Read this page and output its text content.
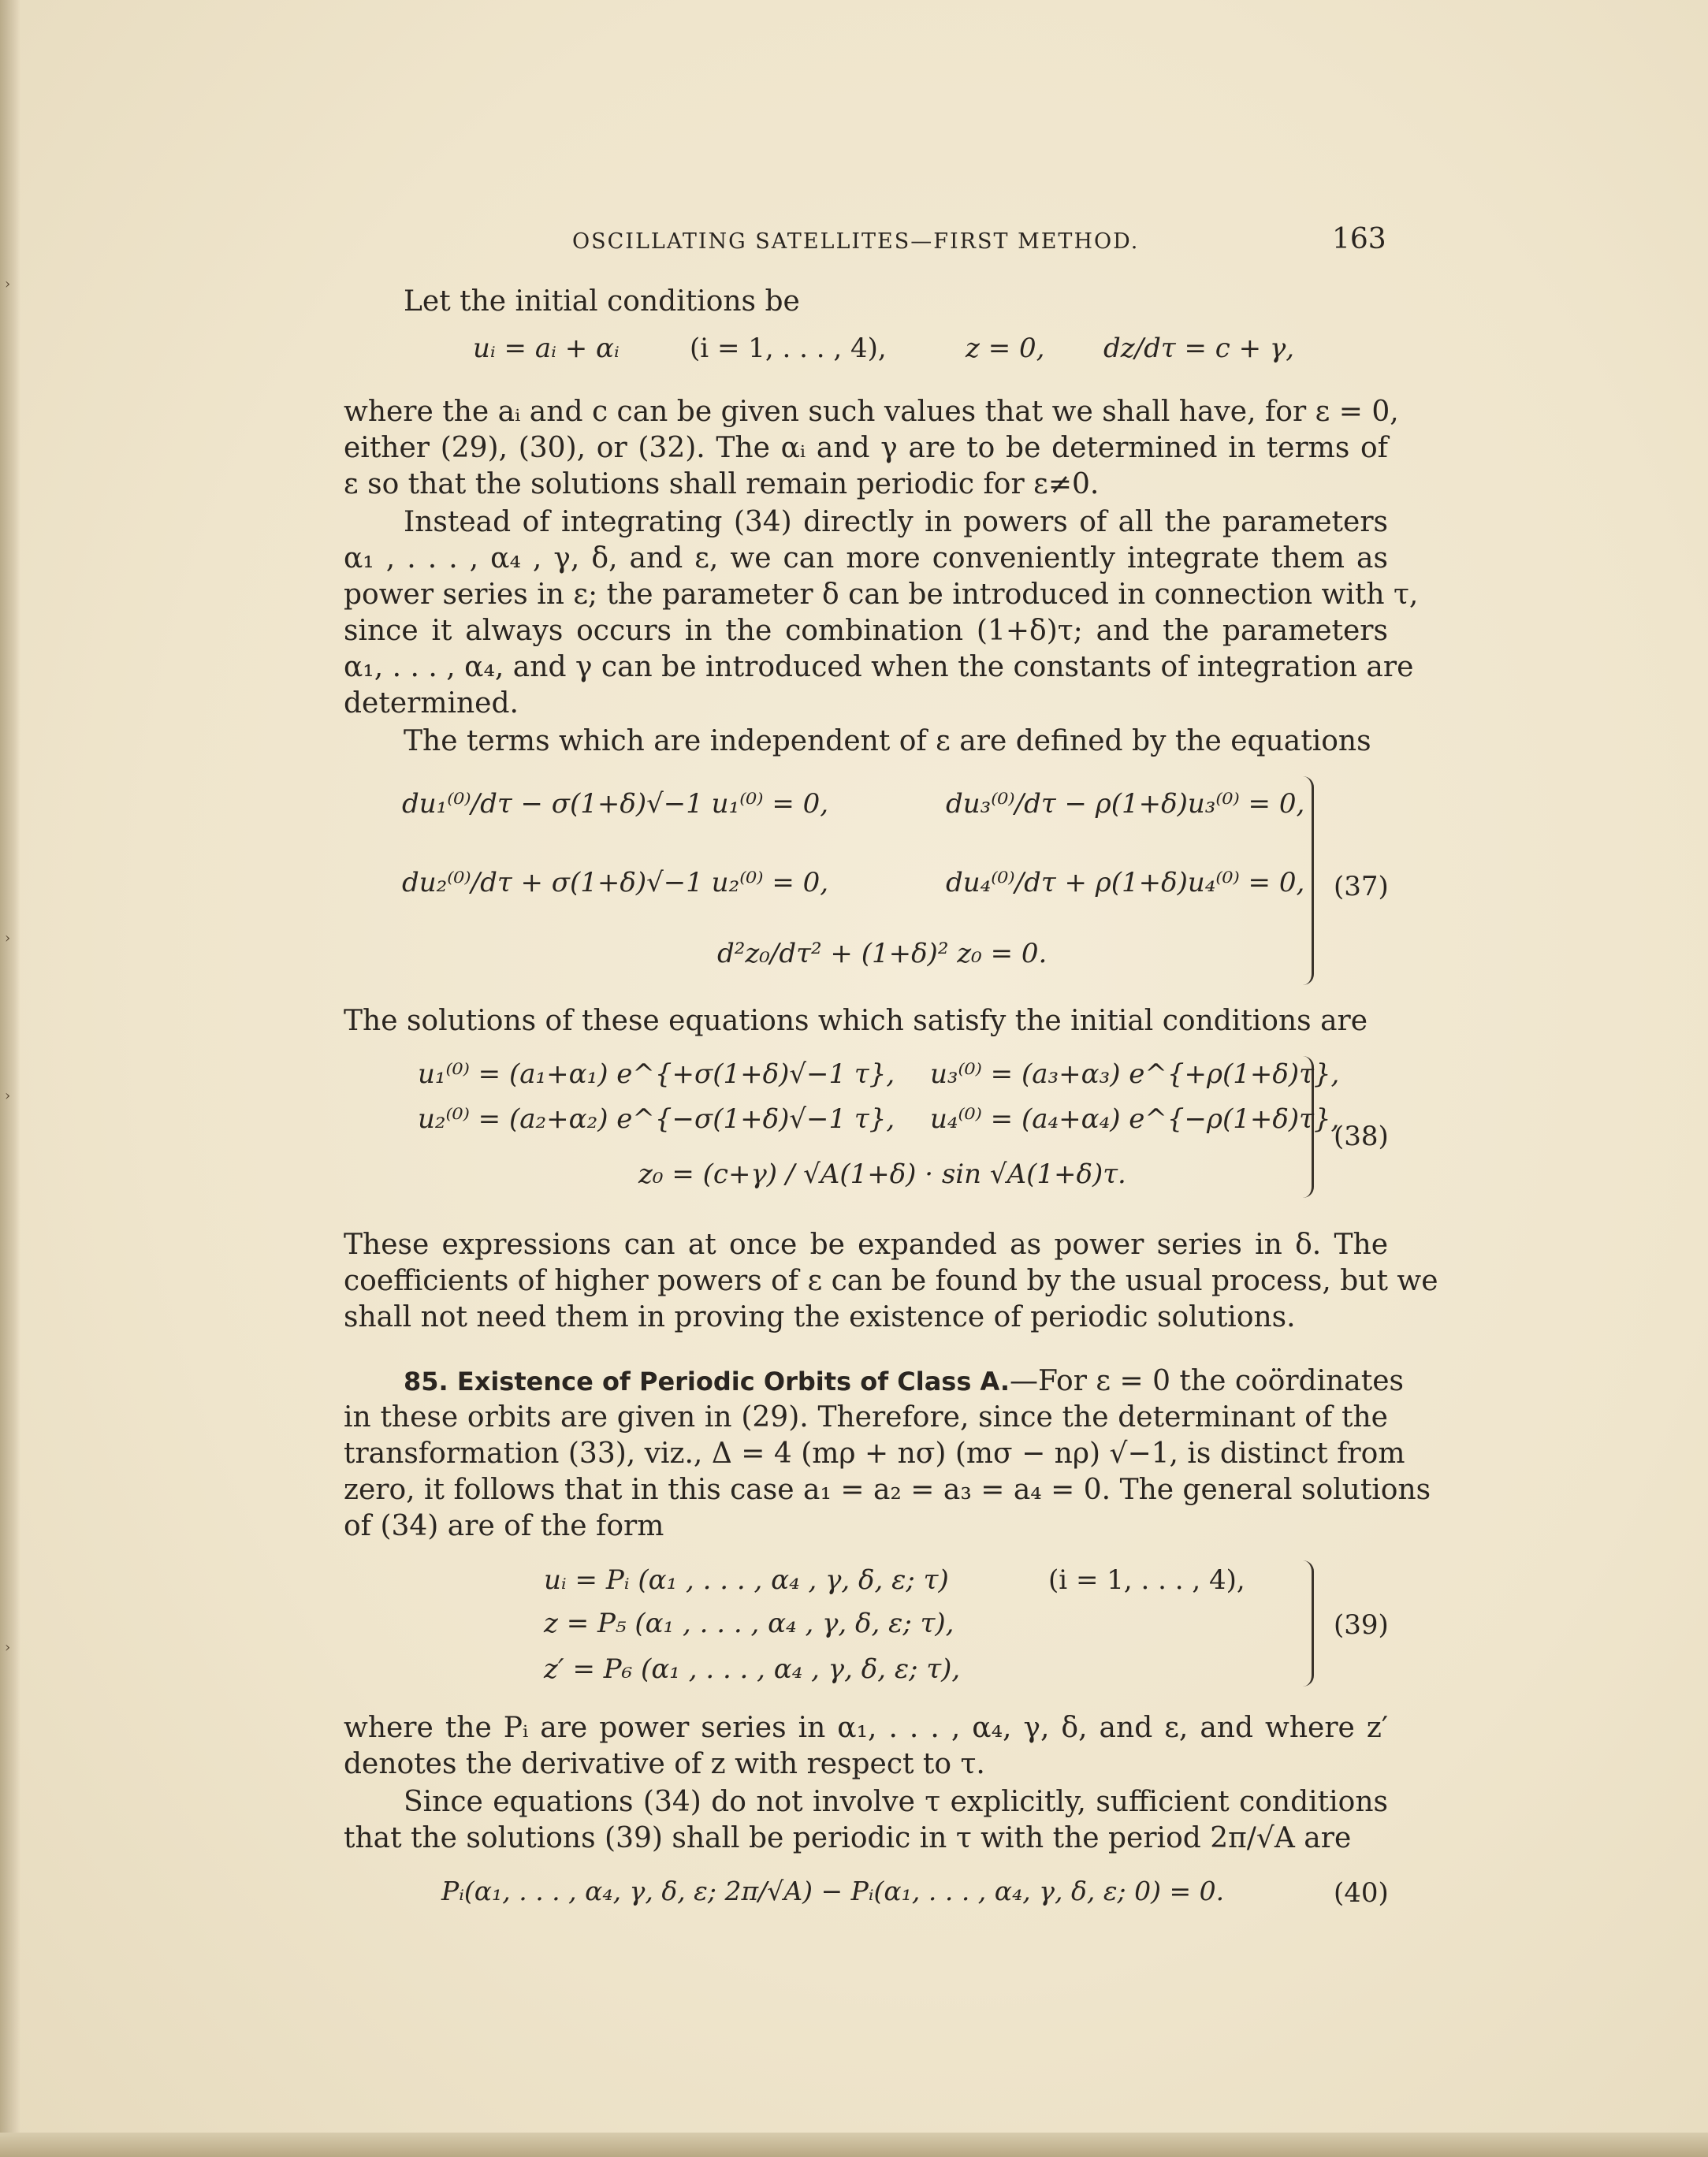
›
›
›
›
OSCILLATING SATELLITES—FIRST METHOD.	163
Let the initial conditions be
uᵢ = aᵢ + αᵢ	(i = 1, . . . , 4),	z = 0, dz/dτ = c + γ,
where the aᵢ and c can be given such values that we shall have, for ε = 0,
either (29), (30), or (32). The αᵢ and γ are to be determined in terms of
ε so that the solutions shall remain periodic for ε≠0.
Instead of integrating (34) directly in powers of all the parameters
α₁ , . . . , α₄ , γ, δ, and ε, we can more conveniently integrate them as
power series in ε; the parameter δ can be introduced in connection with τ,
since it always occurs in the combination (1+δ)τ; and the parameters
α₁, . . . , α₄, and γ can be introduced when the constants of integration are
determined.
The terms which are independent of ε are defined by the equations
du₁⁽⁰⁾/dτ − σ(1+δ)√−1 u₁⁽⁰⁾ = 0,	du₃⁽⁰⁾/dτ − ρ(1+δ)u₃⁽⁰⁾ = 0,
du₂⁽⁰⁾/dτ + σ(1+δ)√−1 u₂⁽⁰⁾ = 0,	du₄⁽⁰⁾/dτ + ρ(1+δ)u₄⁽⁰⁾ = 0,
d²z₀/dτ² + (1+δ)² z₀ = 0.
(37)
The solutions of these equations which satisfy the initial conditions are
u₁⁽⁰⁾ = (a₁+α₁) e^{+σ(1+δ)√−1 τ}, u₃⁽⁰⁾ = (a₃+α₃) e^{+ρ(1+δ)τ},
u₂⁽⁰⁾ = (a₂+α₂) e^{−σ(1+δ)√−1 τ}, u₄⁽⁰⁾ = (a₄+α₄) e^{−ρ(1+δ)τ},
z₀ = (c+γ) / √A(1+δ) · sin √A(1+δ)τ.
(38)
These expressions can at once be expanded as power series in δ. The
coefficients of higher powers of ε can be found by the usual process, but we
shall not need them in proving the existence of periodic solutions.
85. Existence of Periodic Orbits of Class A.—For ε = 0 the coördinates
in these orbits are given in (29). Therefore, since the determinant of the
transformation (33), viz., Δ = 4 (mρ + nσ) (mσ − nρ) √−1, is distinct from
zero, it follows that in this case a₁ = a₂ = a₃ = a₄ = 0. The general solutions
of (34) are of the form
uᵢ = Pᵢ (α₁ , . . . , α₄ , γ, δ, ε; τ)	(i = 1, . . . , 4),
z = P₅ (α₁ , . . . , α₄ , γ, δ, ε; τ),
z′ = P₆ (α₁ , . . . , α₄ , γ, δ, ε; τ),
(39)
where the Pᵢ are power series in α₁, . . . , α₄, γ, δ, and ε, and where z′
denotes the derivative of z with respect to τ.
Since equations (34) do not involve τ explicitly, sufficient conditions
that the solutions (39) shall be periodic in τ with the period 2π/√A are
Pᵢ(α₁, . . . , α₄, γ, δ, ε; 2π/√A) − Pᵢ(α₁, . . . , α₄, γ, δ, ε; 0) = 0.	(40)
